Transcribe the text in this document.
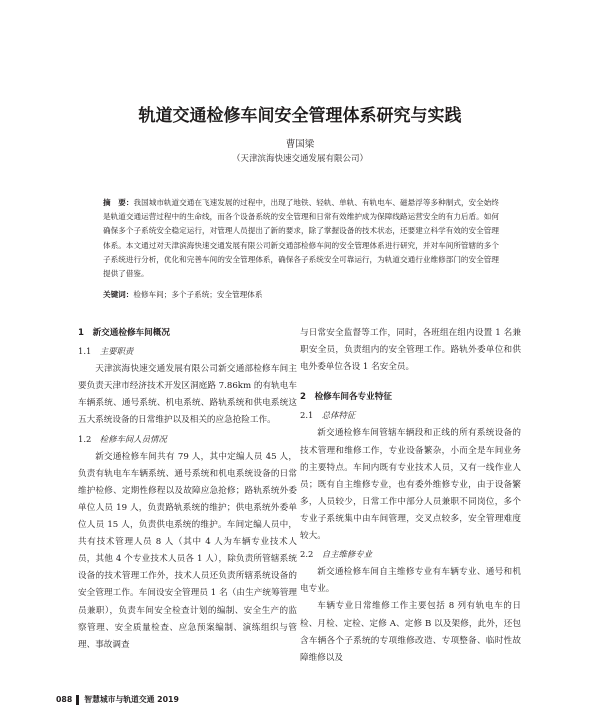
轨道交通检修车间安全管理体系研究与实践
曹国梁
（天津滨海快速交通发展有限公司）
摘　要：我国城市轨道交通在飞速发展的过程中，出现了地铁、轻轨、单轨、有轨电车、磁悬浮等多种制式，安全始终是轨道交通运营过程中的生命线，而各个设备系统的安全管理和日常有效维护成为保障线路运营安全的有力后盾。如何确保多个子系统安全稳定运行，对管理人员提出了新的要求，除了掌握设备的技术状态，还要建立科学有效的安全管理体系。本文通过对天津滨海快速交通发展有限公司新交通部检修车间的安全管理体系进行研究，并对车间所管辖的多个子系统进行分析，优化和完善车间的安全管理体系，确保各子系统安全可靠运行，为轨道交通行业维修部门的安全管理提供了借鉴。
关键词：检修车间；多个子系统；安全管理体系
1　新交通检修车间概况
1.1　主要职责

天津滨海快速交通发展有限公司新交通部检修车间主要负责天津市经济技术开发区洞庭路 7.86km 的有轨电车车辆系统、通号系统、机电系统、路轨系统和供电系统这五大系统设备的日常维护以及相关的应急抢险工作。

1.2　检修车间人员情况

新交通检修车间共有 79 人，其中定编人员 45 人，负责有轨电车车辆系统、通号系统和机电系统设备的日常维护检修、定期性修程以及故障应急抢修；路轨系统外委单位人员 19 人，负责路轨系统的维护；供电系统外委单位人员 15 人，负责供电系统的维护。车间定编人员中，共有技术管理人员 8 人（其中 4 人为车辆专业技术人员，其他 4 个专业技术人员各 1 人），除负责所管辖系统设备的技术管理工作外，技术人员还负责所辖系统设备的安全管理工作。车间设安全管理员 1 名（由生产统筹管理员兼职），负责车间安全检查计划的编制、安全生产的监察管理、安全质量检查、应急预案编制、演练组织与管理、事故调查

与日常安全监督等工作，同时，各班组在组内设置 1 名兼职安全员，负责组内的安全管理工作。路轨外委单位和供电外委单位各设 1 名安全员。

2　检修车间各专业特征
2.1　总体特征

新交通检修车间管辖车辆段和正线的所有系统设备的技术管理和维修工作，专业设备繁杂，小而全是车间业务的主要特点。车间内既有专业技术人员，又有一线作业人员；既有自主维修专业，也有委外维修专业，由于设备繁多，人员较少，日常工作中部分人员兼职不同岗位，多个专业子系统集中由车间管理，交叉点较多，安全管理难度较大。

2.2　自主维修专业

新交通检修车间自主维修专业有车辆专业、通号和机电专业。

车辆专业日常维修工作主要包括 8 列有轨电车的日检、月检、定检、定修 A、定修 B 以及架修，此外，还包含车辆各个子系统的专项维修改造、专项整备、临时性故障维修以及

088 智慧城市与轨道交通 2019
